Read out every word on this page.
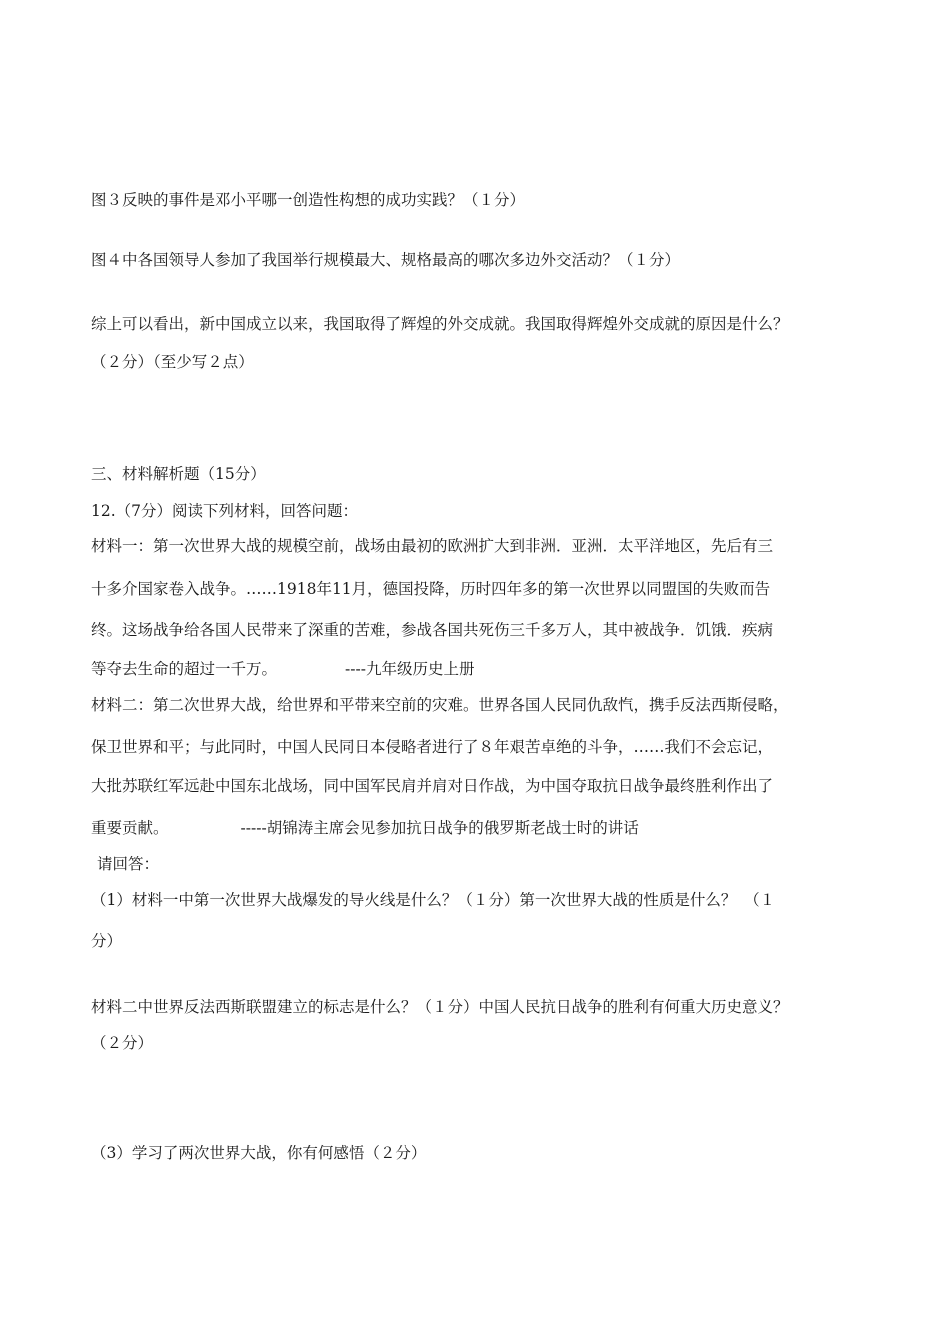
图３反映的事件是邓小平哪一创造性构想的成功实践？（１分）
图４中各国领导人参加了我国举行规模最大、规格最高的哪次多边外交活动？（１分）
综上可以看出，新中国成立以来，我国取得了辉煌的外交成就。我国取得辉煌外交成就的原因是什么？
（２分）（至少写２点）
三、材料解析题（15分）
12.（7分）阅读下列材料，回答问题：
材料一：第一次世界大战的规模空前，战场由最初的欧洲扩大到非洲．亚洲．太平洋地区，先后有三
十多介国家卷入战争。……1918年11月，德国投降，历时四年多的第一次世界以同盟国的失败而告
终。这场战争给各国人民带来了深重的苦难，参战各国共死伤三千多万人，其中被战争．饥饿．疾病
等夺去生命的超过一千万。	----九年级历史上册
材料二：第二次世界大战，给世界和平带来空前的灾难。世界各国人民同仇敌忾，携手反法西斯侵略，
保卫世界和平；与此同时，中国人民同日本侵略者进行了８年艰苦卓绝的斗争，……我们不会忘记，
大批苏联红军远赴中国东北战场，同中国军民肩并肩对日作战，为中国夺取抗日战争最终胜利作出了
重要贡献。	-----胡锦涛主席会见参加抗日战争的俄罗斯老战士时的讲话
请回答：
（1）材料一中第一次世界大战爆发的导火线是什么？（１分）第一次世界大战的性质是什么？　（１
分）
材料二中世界反法西斯联盟建立的标志是什么？（１分）中国人民抗日战争的胜利有何重大历史意义？
（２分）
（3）学习了两次世界大战，你有何感悟（２分）
